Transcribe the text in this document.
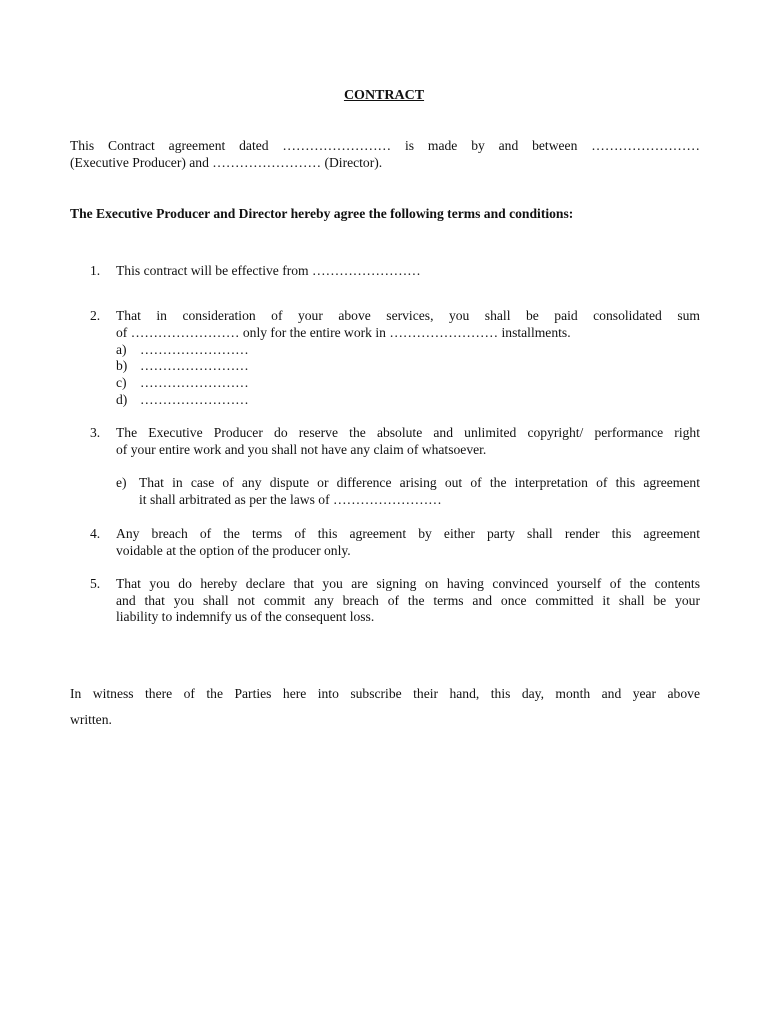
CONTRACT
This Contract agreement dated …………………… is made by and between ……………………
(Executive Producer) and …………………… (Director).
The Executive Producer and Director hereby agree the following terms and conditions:
1.	This contract will be effective from ……………………
2.	That in consideration of your above services, you shall be paid consolidated sum
of …………………… only for the entire work in …………………… installments.
a) ……………………
b) ……………………
c) ……………………
d) ……………………
3.	The Executive Producer do reserve the absolute and unlimited copyright/ performance right
of your entire work and you shall not have any claim of whatsoever.
e) That in case of any dispute or difference arising out of the interpretation of this agreement
it shall arbitrated as per the laws of ……………………
4.	Any breach of the terms of this agreement by either party shall render this agreement
voidable at the option of the producer only.
5.	That you do hereby declare that you are signing on having convinced yourself of the contents
and that you shall not commit any breach of the terms and once committed it shall be your
liability to indemnify us of the consequent loss.
In witness there of the Parties here into subscribe their hand, this day, month and year above
written.
